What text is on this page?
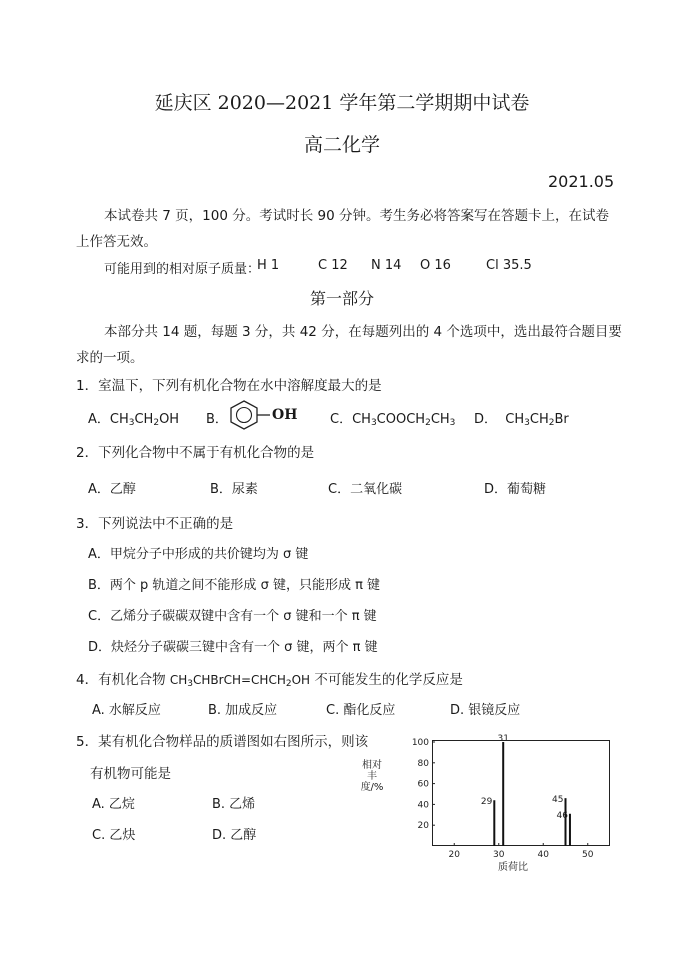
延庆区 2020—2021 学年第二学期期中试卷
高二化学
2021.05
本试卷共 7 页，100 分。考试时长 90 分钟。考生务必将答案写在答题卡上，在试卷
上作答无效。
可能用到的相对原子质量：
H 1	C 12 N 14 O 16	Cl 35.5
第一部分
本部分共 14 题，每题 3 分，共 42 分，在每题列出的 4 个选项中，选出最符合题目要
求的一项。
1．室温下，下列有机化合物在水中溶解度最大的是
A．$CH_3CH_2OH$ B．	OH	C．$CH_3COOCH_2CH_3$ D．  $CH_3CH_2Br$
2．下列化合物中不属于有机化合物的是
A．乙醇	B．尿素	C．二氧化碳	D．葡萄糖
3．下列说法中不正确的是
A．甲烷分子中形成的共价键均为 σ 键
B．两个 p 轨道之间不能形成 σ 键，只能形成 π 键
C．乙烯分子碳碳双键中含有一个 σ 键和一个 π 键
D．炔烃分子碳碳三键中含有一个 σ 键，两个 π 键
4．有机化合物 $CH_3CHBrCH=CHCH_2OH$ 不可能发生的化学反应是
A. 水解反应	B. 加成反应	C. 酯化反应	D. 银镜反应
5．某有机化合物样品的质谱图如右图所示，则该
有机物可能是
A. 乙烷	B. 乙烯
C. 乙炔	D. 乙醇
相对丰度/%
20
40
60
80
100
20	30	40	50
29
31
45
46
质荷比
